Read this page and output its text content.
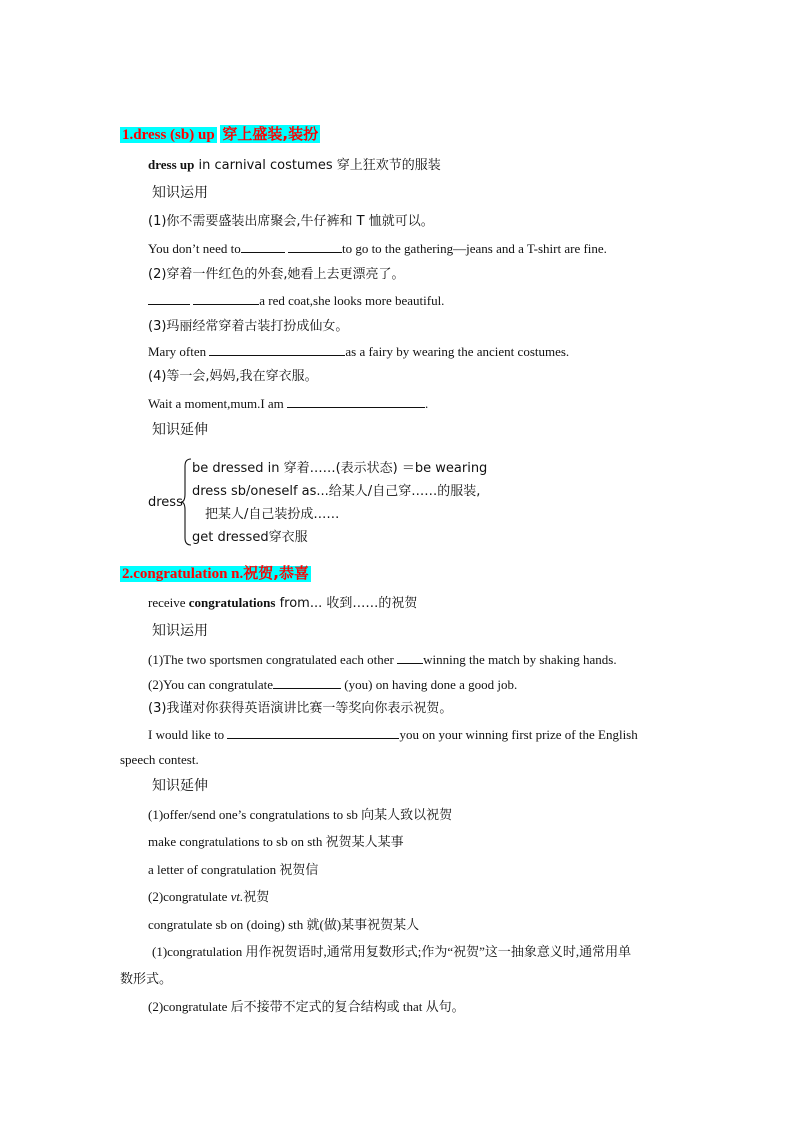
1.dress (sb) up 穿上盛装,装扮
dress up in carnival costumes 穿上狂欢节的服装
知识运用
(1)你不需要盛装出席聚会,牛仔裤和 T 恤就可以。
You don’t need to	to go to the gathering—jeans and a T-shirt are fine.
(2)穿着一件红色的外套,她看上去更漂亮了。
a red coat,she looks more beautiful.
(3)玛丽经常穿着古装打扮成仙女。
Mary often	as a fairy by wearing the ancient costumes.
(4)等一会,妈妈,我在穿衣服。
Wait a moment,mum.I am	.
知识延伸
dress
be dressed in 穿着……(表示状态) ＝be wearing
dress sb/oneself as...给某人/自己穿……的服装,
把某人/自己装扮成……
get dressed穿衣服
2.congratulation n.祝贺,恭喜
receive congratulations from... 收到……的祝贺
知识运用
(1)The two sportsmen congratulated each other winning the match by shaking hands.
(2)You can congratulate	(you) on having done a good job.
(3)我谨对你获得英语演讲比赛一等奖向你表示祝贺。
I would like to	you on your winning first prize of the English
speech contest.
知识延伸
(1)offer/send one’s congratulations to sb 向某人致以祝贺
make congratulations to sb on sth 祝贺某人某事
a letter of congratulation 祝贺信
(2)congratulate vt.祝贺
congratulate sb on (doing) sth 就(做)某事祝贺某人
(1)congratulation 用作祝贺语时,通常用复数形式;作为“祝贺”这一抽象意义时,通常用单
数形式。
(2)congratulate 后不接带不定式的复合结构或 that 从句。
